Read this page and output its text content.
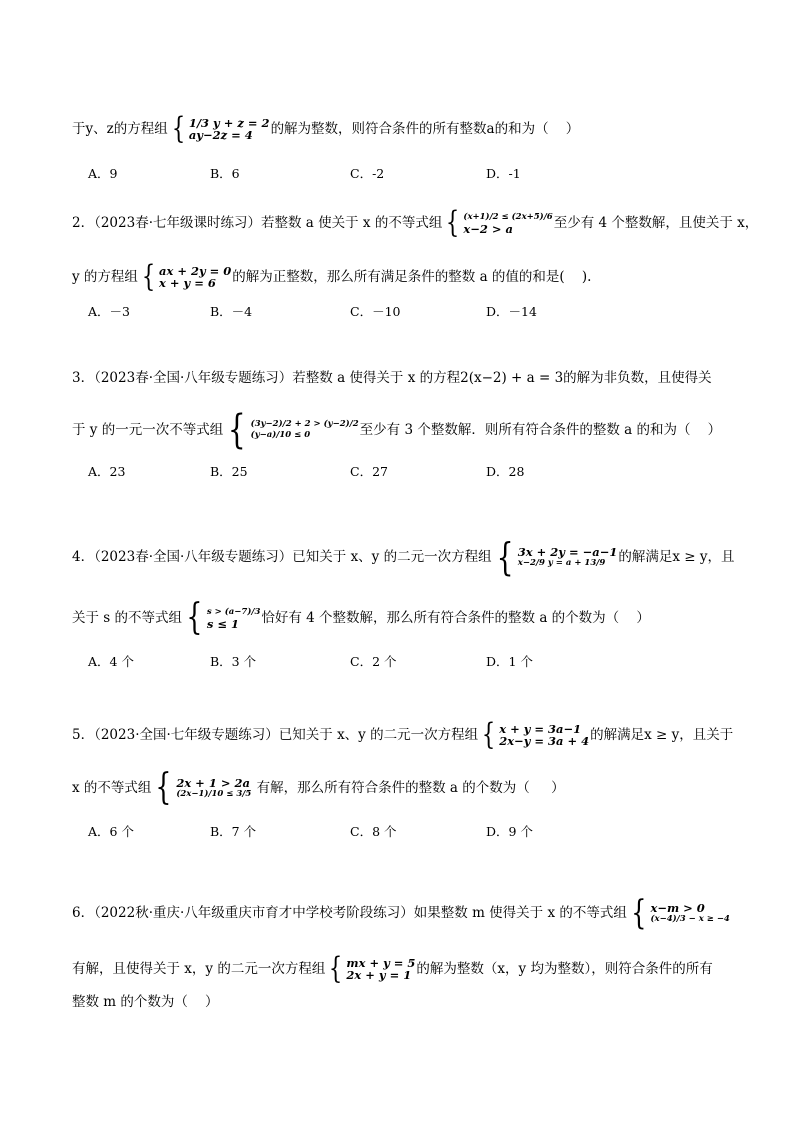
于y、z的方程组 { 1/3 y + z = 2
ay−2z = 4	的解为整数，则符合条件的所有整数a的和为（    ）
A．9	B．6	C．-2	D．-1
2．（2023春·七年级课时练习）若整数 a 使关于 x 的不等式组 { (x+1)/2 ≤ (2x+5)/6
x−2 > a	至少有 4 个整数解，且使关于 x，
y 的方程组 { ax + 2y = 0
x + y = 6	的解为正整数，那么所有满足条件的整数 a 的值的和是(    ).
A．－3	B．－4	C．－10	D．－14
3．（2023春·全国·八年级专题练习）若整数 a 使得关于 x 的方程2(x−2) + a = 3的解为非负数，且使得关
于 y 的一元一次不等式组 { (3y−2)/2 + 2 > (y−2)/2
(y−a)/10 ≤ 0	至少有 3 个整数解．则所有符合条件的整数 a 的和为（    ）
A．23	B．25	C．27	D．28
4．（2023春·全国·八年级专题练习）已知关于 x、y 的二元一次方程组 { 3x + 2y = −a−1
x−2/9 y = a + 13/9 的解满足x ≥ y，且
关于 s 的不等式组 { s > (a−7)/3
s ≤ 1	恰好有 4 个整数解，那么所有符合条件的整数 a 的个数为（    ）
A．4 个	B．3 个	C．2 个	D．1 个
5．（2023·全国·七年级专题练习）已知关于 x、y 的二元一次方程组 { x + y = 3a−1
2x−y = 3a + 4 的解满足x ≥ y，且关于
x 的不等式组 { 2x + 1 > 2a
(2x−1)/10 ≤ 3/5 有解，那么所有符合条件的整数 a 的个数为（     ）
A．6 个	B．7 个	C．8 个	D．9 个
6．（2022秋·重庆·八年级重庆市育才中学校考阶段练习）如果整数 m 使得关于 x 的不等式组 { x−m > 0
(x−4)/3 − x ≥ −4
有解，且使得关于 x，y 的二元一次方程组 { mx + y = 5
2x + y = 1 的解为整数（x，y 均为整数），则符合条件的所有
整数 m 的个数为（    ）
